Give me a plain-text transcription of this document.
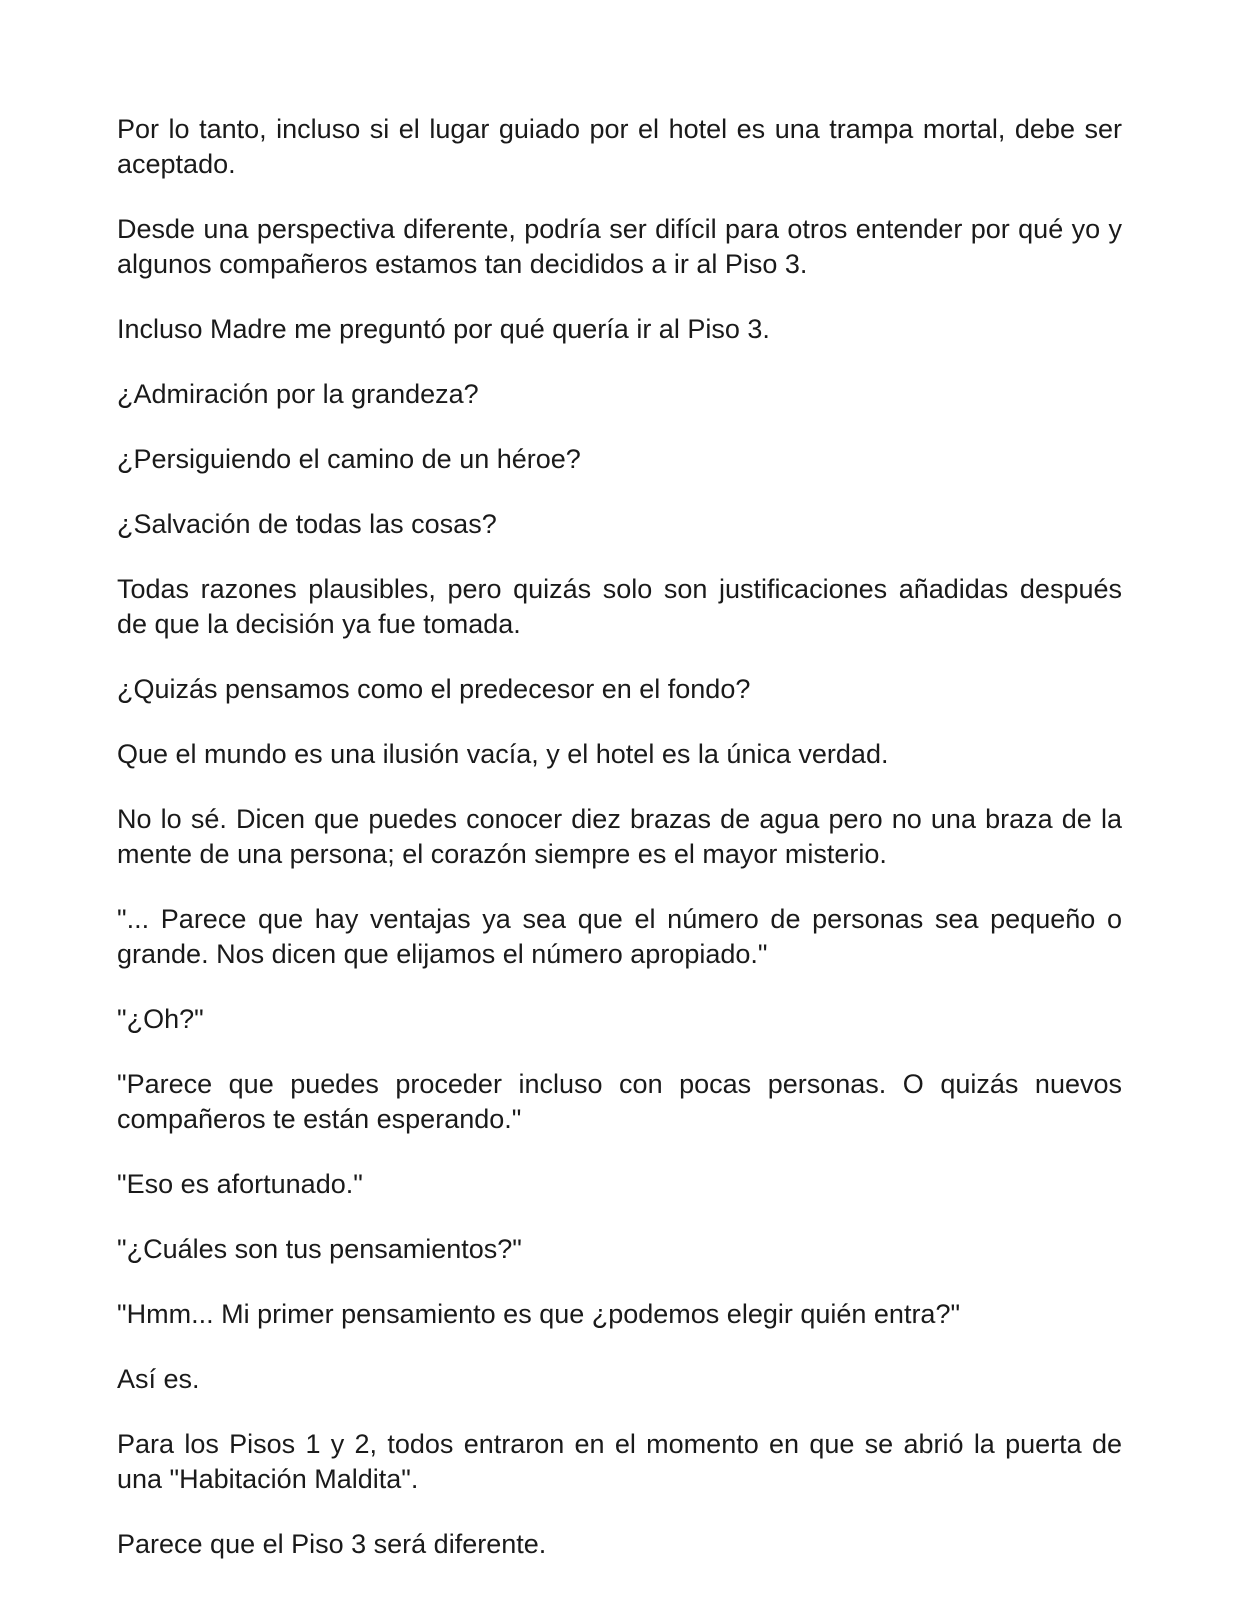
Por lo tanto, incluso si el lugar guiado por el hotel es una trampa mortal, debe ser aceptado.

Desde una perspectiva diferente, podría ser difícil para otros entender por qué yo y algunos compañeros estamos tan decididos a ir al Piso 3.

Incluso Madre me preguntó por qué quería ir al Piso 3.

¿Admiración por la grandeza?

¿Persiguiendo el camino de un héroe?

¿Salvación de todas las cosas?

Todas razones plausibles, pero quizás solo son justificaciones añadidas después de que la decisión ya fue tomada.

¿Quizás pensamos como el predecesor en el fondo?

Que el mundo es una ilusión vacía, y el hotel es la única verdad.

No lo sé. Dicen que puedes conocer diez brazas de agua pero no una braza de la mente de una persona; el corazón siempre es el mayor misterio.

"... Parece que hay ventajas ya sea que el número de personas sea pequeño o grande. Nos dicen que elijamos el número apropiado."

"¿Oh?"

"Parece que puedes proceder incluso con pocas personas. O quizás nuevos compañeros te están esperando."

"Eso es afortunado."

"¿Cuáles son tus pensamientos?"

"Hmm... Mi primer pensamiento es que ¿podemos elegir quién entra?"

Así es.

Para los Pisos 1 y 2, todos entraron en el momento en que se abrió la puerta de una "Habitación Maldita".

Parece que el Piso 3 será diferente.
